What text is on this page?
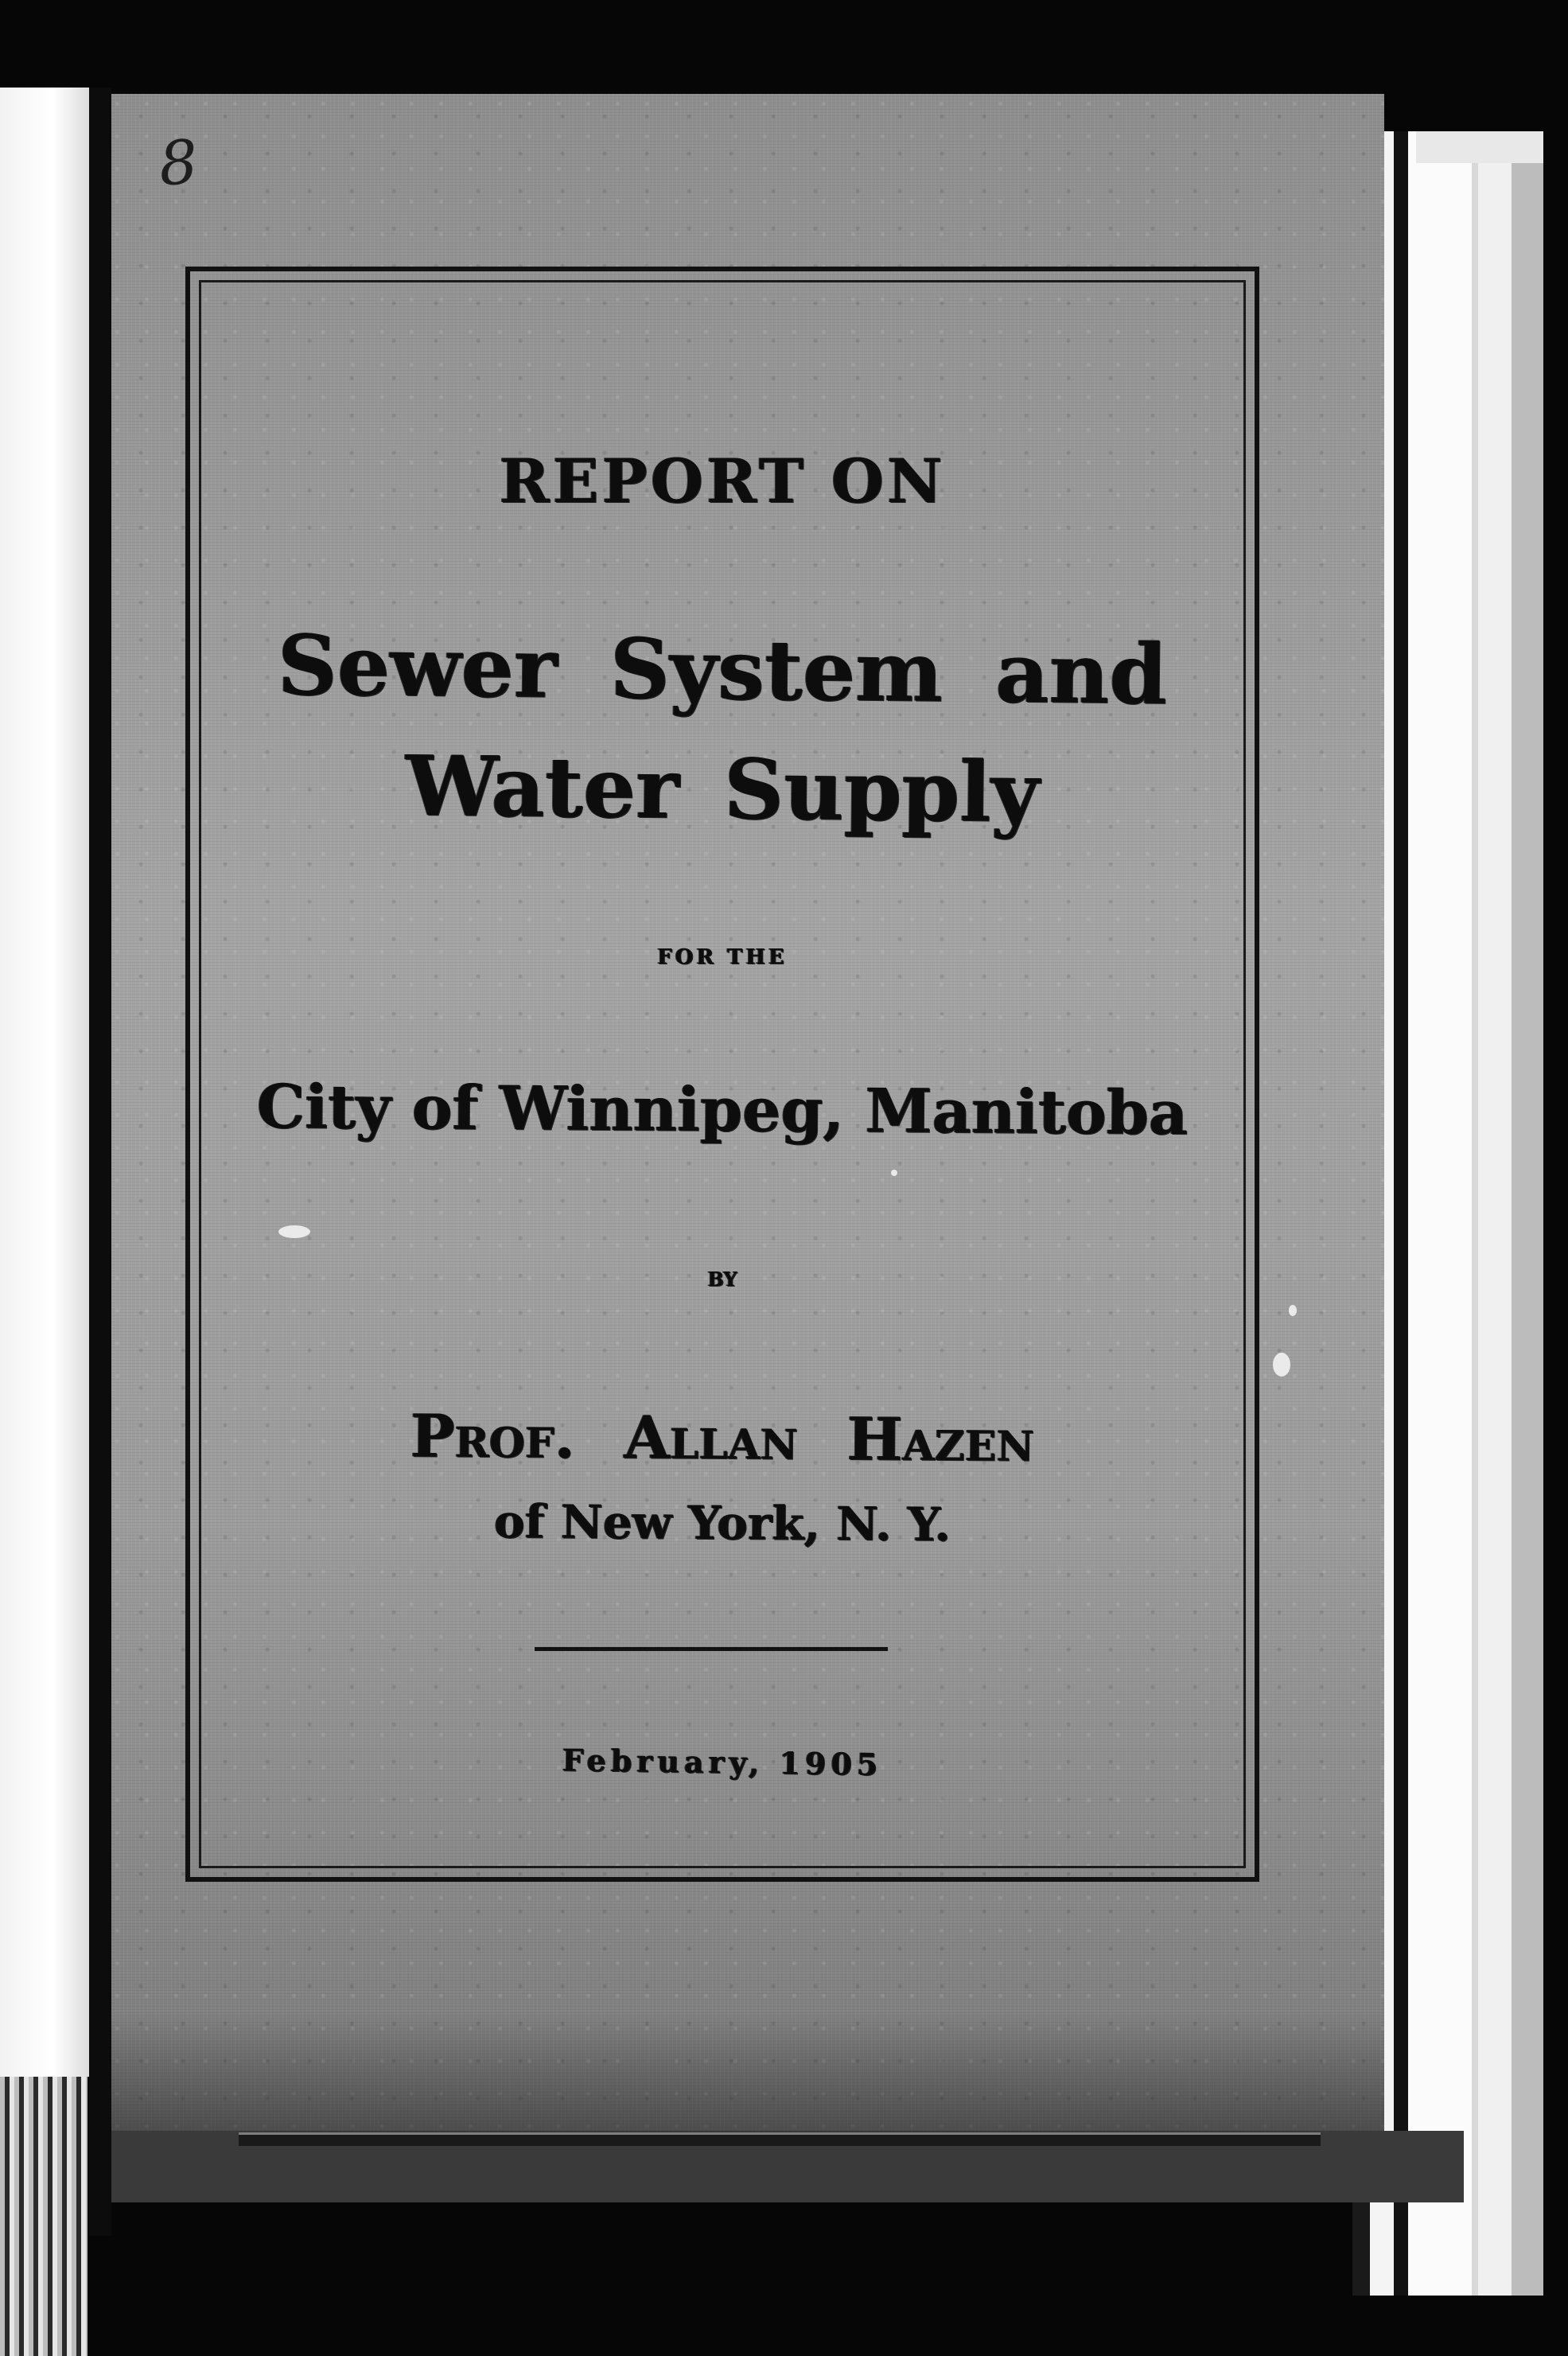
8
REPORT ON
Sewer System and
Water Supply
FOR THE
City of Winnipeg, Manitoba
BY
Prof. Allan Hazen
of New York, N. Y.
February, 1905
